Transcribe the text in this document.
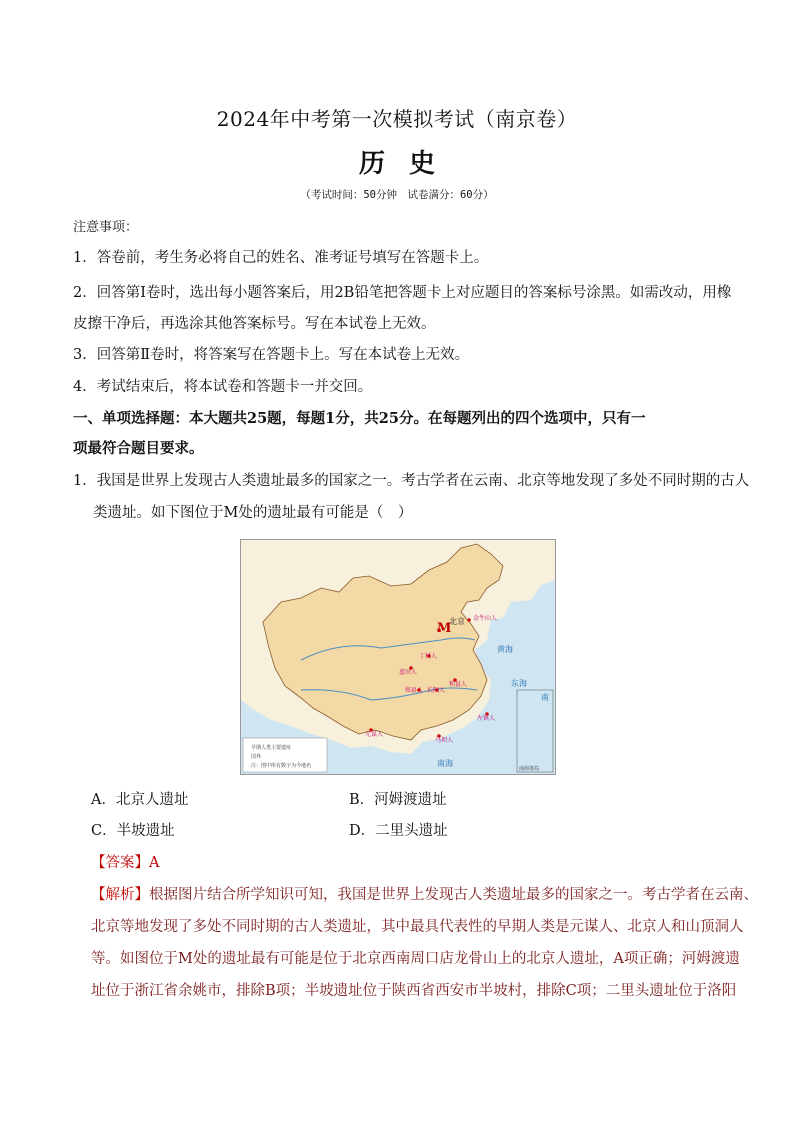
2024年中考第一次模拟考试（南京卷）
历史
（考试时间：50分钟　试卷满分：60分）
注意事项：
1．答卷前，考生务必将自己的姓名、准考证号填写在答题卡上。
2．回答第Ⅰ卷时，选出每小题答案后，用2B铅笔把答题卡上对应题目的答案标号涂黑。如需改动，用橡
皮擦干净后，再选涂其他答案标号。写在本试卷上无效。
3．回答第Ⅱ卷时，将答案写在答题卡上。写在本试卷上无效。
4．考试结束后，将本试卷和答题卡一并交回。
一、单项选择题：本大题共25题，每题1分，共25分。在每题列出的四个选项中，只有一
项最符合题目要求。
1．我国是世界上发现古人类遗址最多的国家之一。考古学者在云南、北京等地发现了多处不同时期的古人
类遗址。如下图位于M处的遗址最有可能是（　）
M
北京 金牛山人
丁村人
蓝田人
和县人
郧县人 长阳人
元谋人
马坝人
左镇人
黄海
东海
南海
南
早期人类主要遗址
国界
注：图中所有数字为今地名	南海诸岛
A．北京人遗址	B．河姆渡遗址
C．半坡遗址	D．二里头遗址
【答案】A
【解析】根据图片结合所学知识可知，我国是世界上发现古人类遗址最多的国家之一。考古学者在云南、
北京等地发现了多处不同时期的古人类遗址，其中最具代表性的早期人类是元谋人、北京人和山顶洞人
等。如图位于M处的遗址最有可能是位于北京西南周口店龙骨山上的北京人遗址，A项正确；河姆渡遗
址位于浙江省余姚市，排除B项；半坡遗址位于陕西省西安市半坡村，排除C项；二里头遗址位于洛阳
